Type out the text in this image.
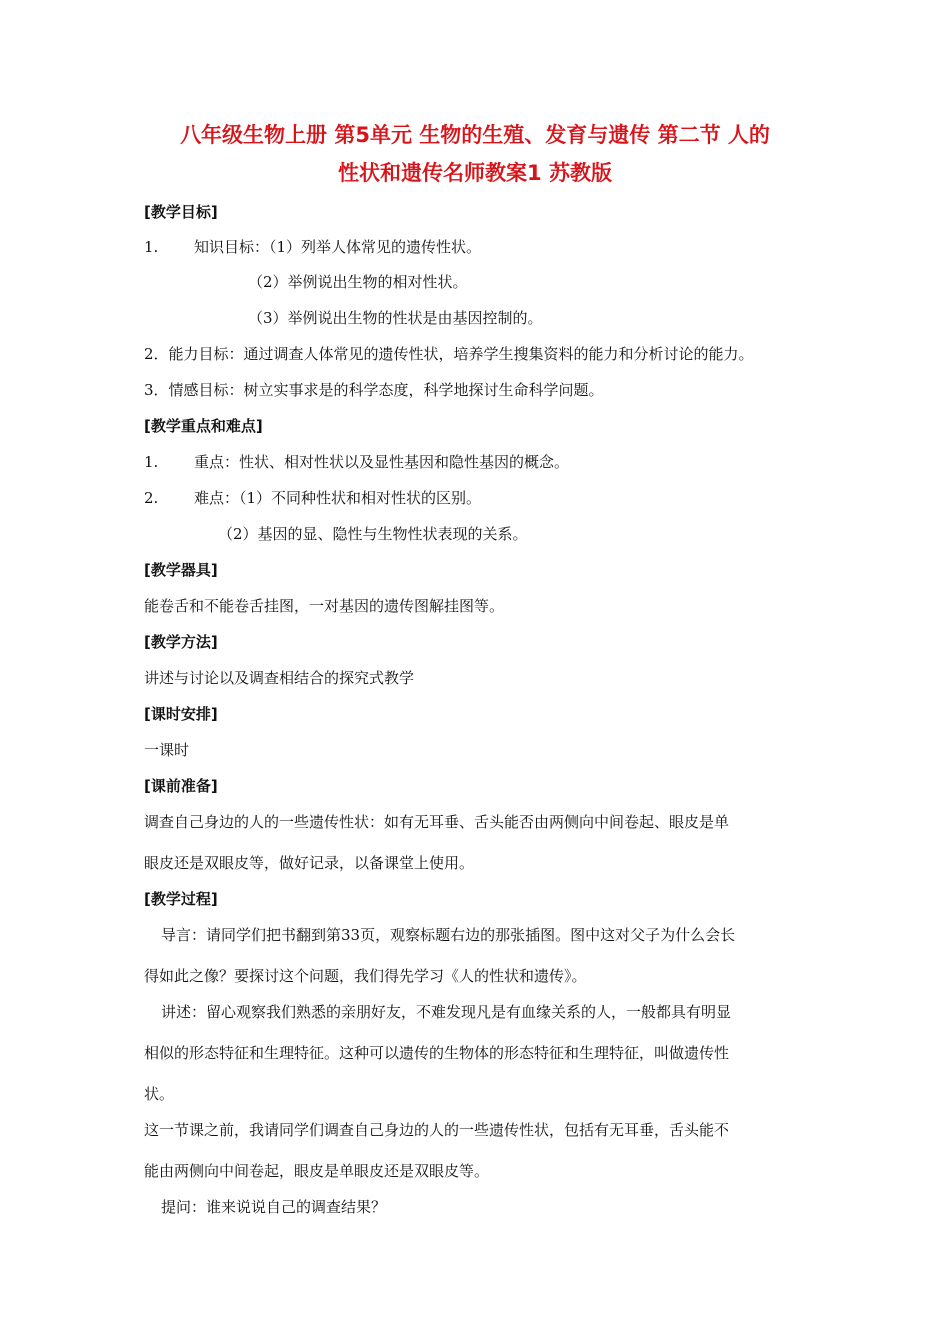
八年级生物上册 第5单元 生物的生殖、发育与遗传 第二节 人的
性状和遗传名师教案1 苏教版
[教学目标]
1. 知识目标：（1）列举人体常见的遗传性状。
（2）举例说出生物的相对性状。
（3）举例说出生物的性状是由基因控制的。
2．能力目标：通过调查人体常见的遗传性状，培养学生搜集资料的能力和分析讨论的能力。
3．情感目标：树立实事求是的科学态度，科学地探讨生命科学问题。
[教学重点和难点]
1. 重点：性状、相对性状以及显性基因和隐性基因的概念。
2. 难点：（1）不同种性状和相对性状的区别。
（2）基因的显、隐性与生物性状表现的关系。
[教学器具]
能卷舌和不能卷舌挂图，一对基因的遗传图解挂图等。
[教学方法]
讲述与讨论以及调查相结合的探究式教学
[课时安排]
一课时
[课前准备]
调查自己身边的人的一些遗传性状：如有无耳垂、舌头能否由两侧向中间卷起、眼皮是单
眼皮还是双眼皮等，做好记录，以备课堂上使用。
[教学过程]
导言：请同学们把书翻到第33页，观察标题右边的那张插图。图中这对父子为什么会长
得如此之像？要探讨这个问题，我们得先学习《人的性状和遗传》。
讲述：留心观察我们熟悉的亲朋好友，不难发现凡是有血缘关系的人，一般都具有明显
相似的形态特征和生理特征。这种可以遗传的生物体的形态特征和生理特征，叫做遗传性
状。
这一节课之前，我请同学们调查自己身边的人的一些遗传性状，包括有无耳垂，舌头能不
能由两侧向中间卷起，眼皮是单眼皮还是双眼皮等。
提问：谁来说说自己的调查结果？
